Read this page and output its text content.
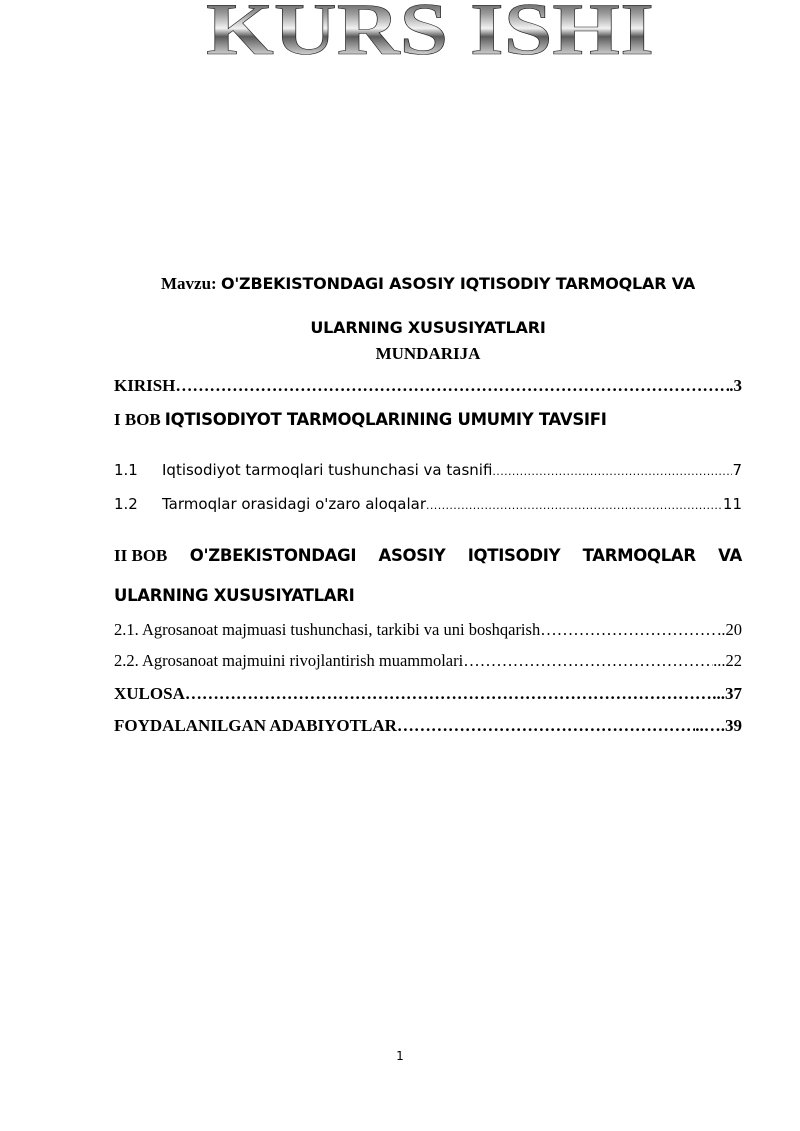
KURS ISHI
Mavzu: O'ZBEKISTONDAGI ASOSIY IQTISODIY TARMOQLAR VA
ULARNING XUSUSIYATLARI
MUNDARIJA
KIRISH …………………………………………………………………………………………………………………………………………………………………………………………………	.3
I BOB IQTISODIYOT TARMOQLARINING UMUMIY TAVSIFI
1.1 Iqtisodiyot tarmoqlari tushunchasi va tasnifi .....	7
1.2 Tarmoqlar orasidagi o'zaro aloqalar .....	11
II BOB O'ZBEKISTONDAGI ASOSIY IQTISODIY TARMOQLAR VA
ULARNING XUSUSIYATLARI
2.1. Agrosanoat majmuasi tushunchasi, tarkibi va uni boshqarish …………………………………………………………………………………………………………………………………………………………………………………………………	..20
2.2. Agrosanoat majmuini rivojlantirish muammolari …………………………………………………………………………………………………………………………………………………………………………………………………	...22
XULOSA …………………………………………………………………………………………………………………………………………………………………………………………………	...37
FOYDALANILGAN ADABIYOTLAR …………………………………………………………………………………………………………………………………………………………………………………………………	..….39
1
